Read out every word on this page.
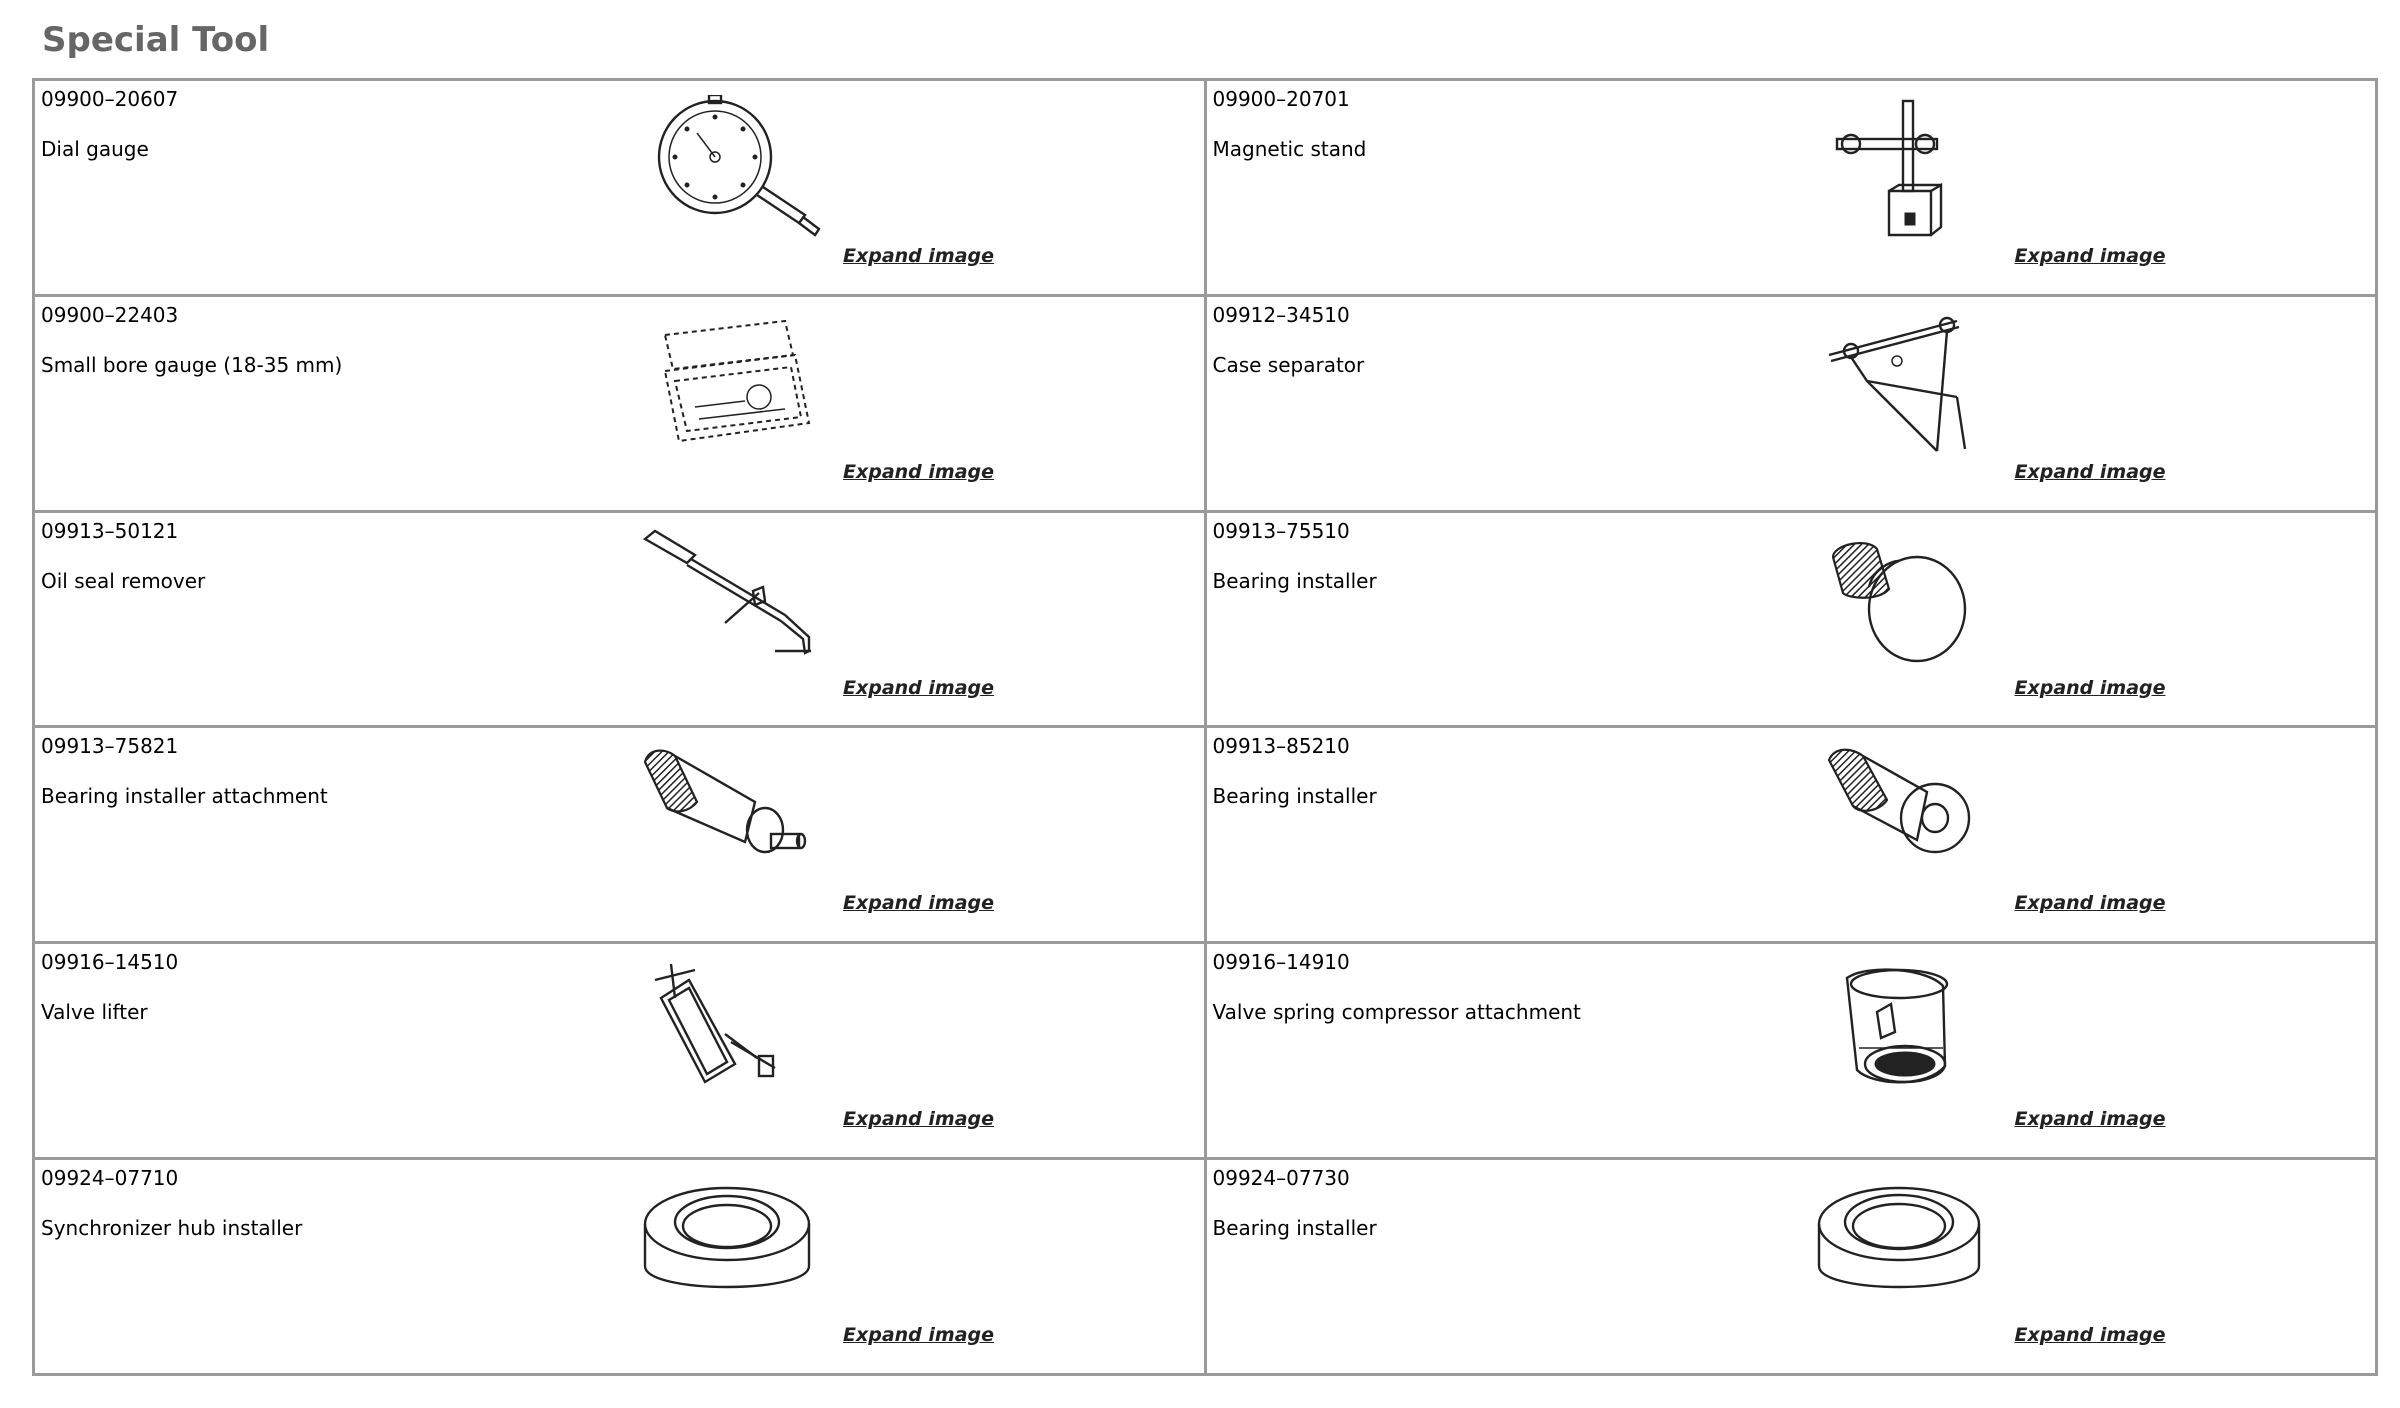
Special Tool
09900–20607
Dial gauge
Expand image	09900–20701
Magnetic stand
Expand image

09900–22403
Small bore gauge (18-35 mm)
Expand image	09912–34510
Case separator
Expand image

09913–50121
Oil seal remover
Expand image	09913–75510
Bearing installer
Expand image

09913–75821
Bearing installer attachment
Expand image	09913–85210
Bearing installer
Expand image

09916–14510
Valve lifter
Expand image	09916–14910
Valve spring compressor attachment
Expand image

09924–07710
Synchronizer hub installer
Expand image	09924–07730
Bearing installer
Expand image
